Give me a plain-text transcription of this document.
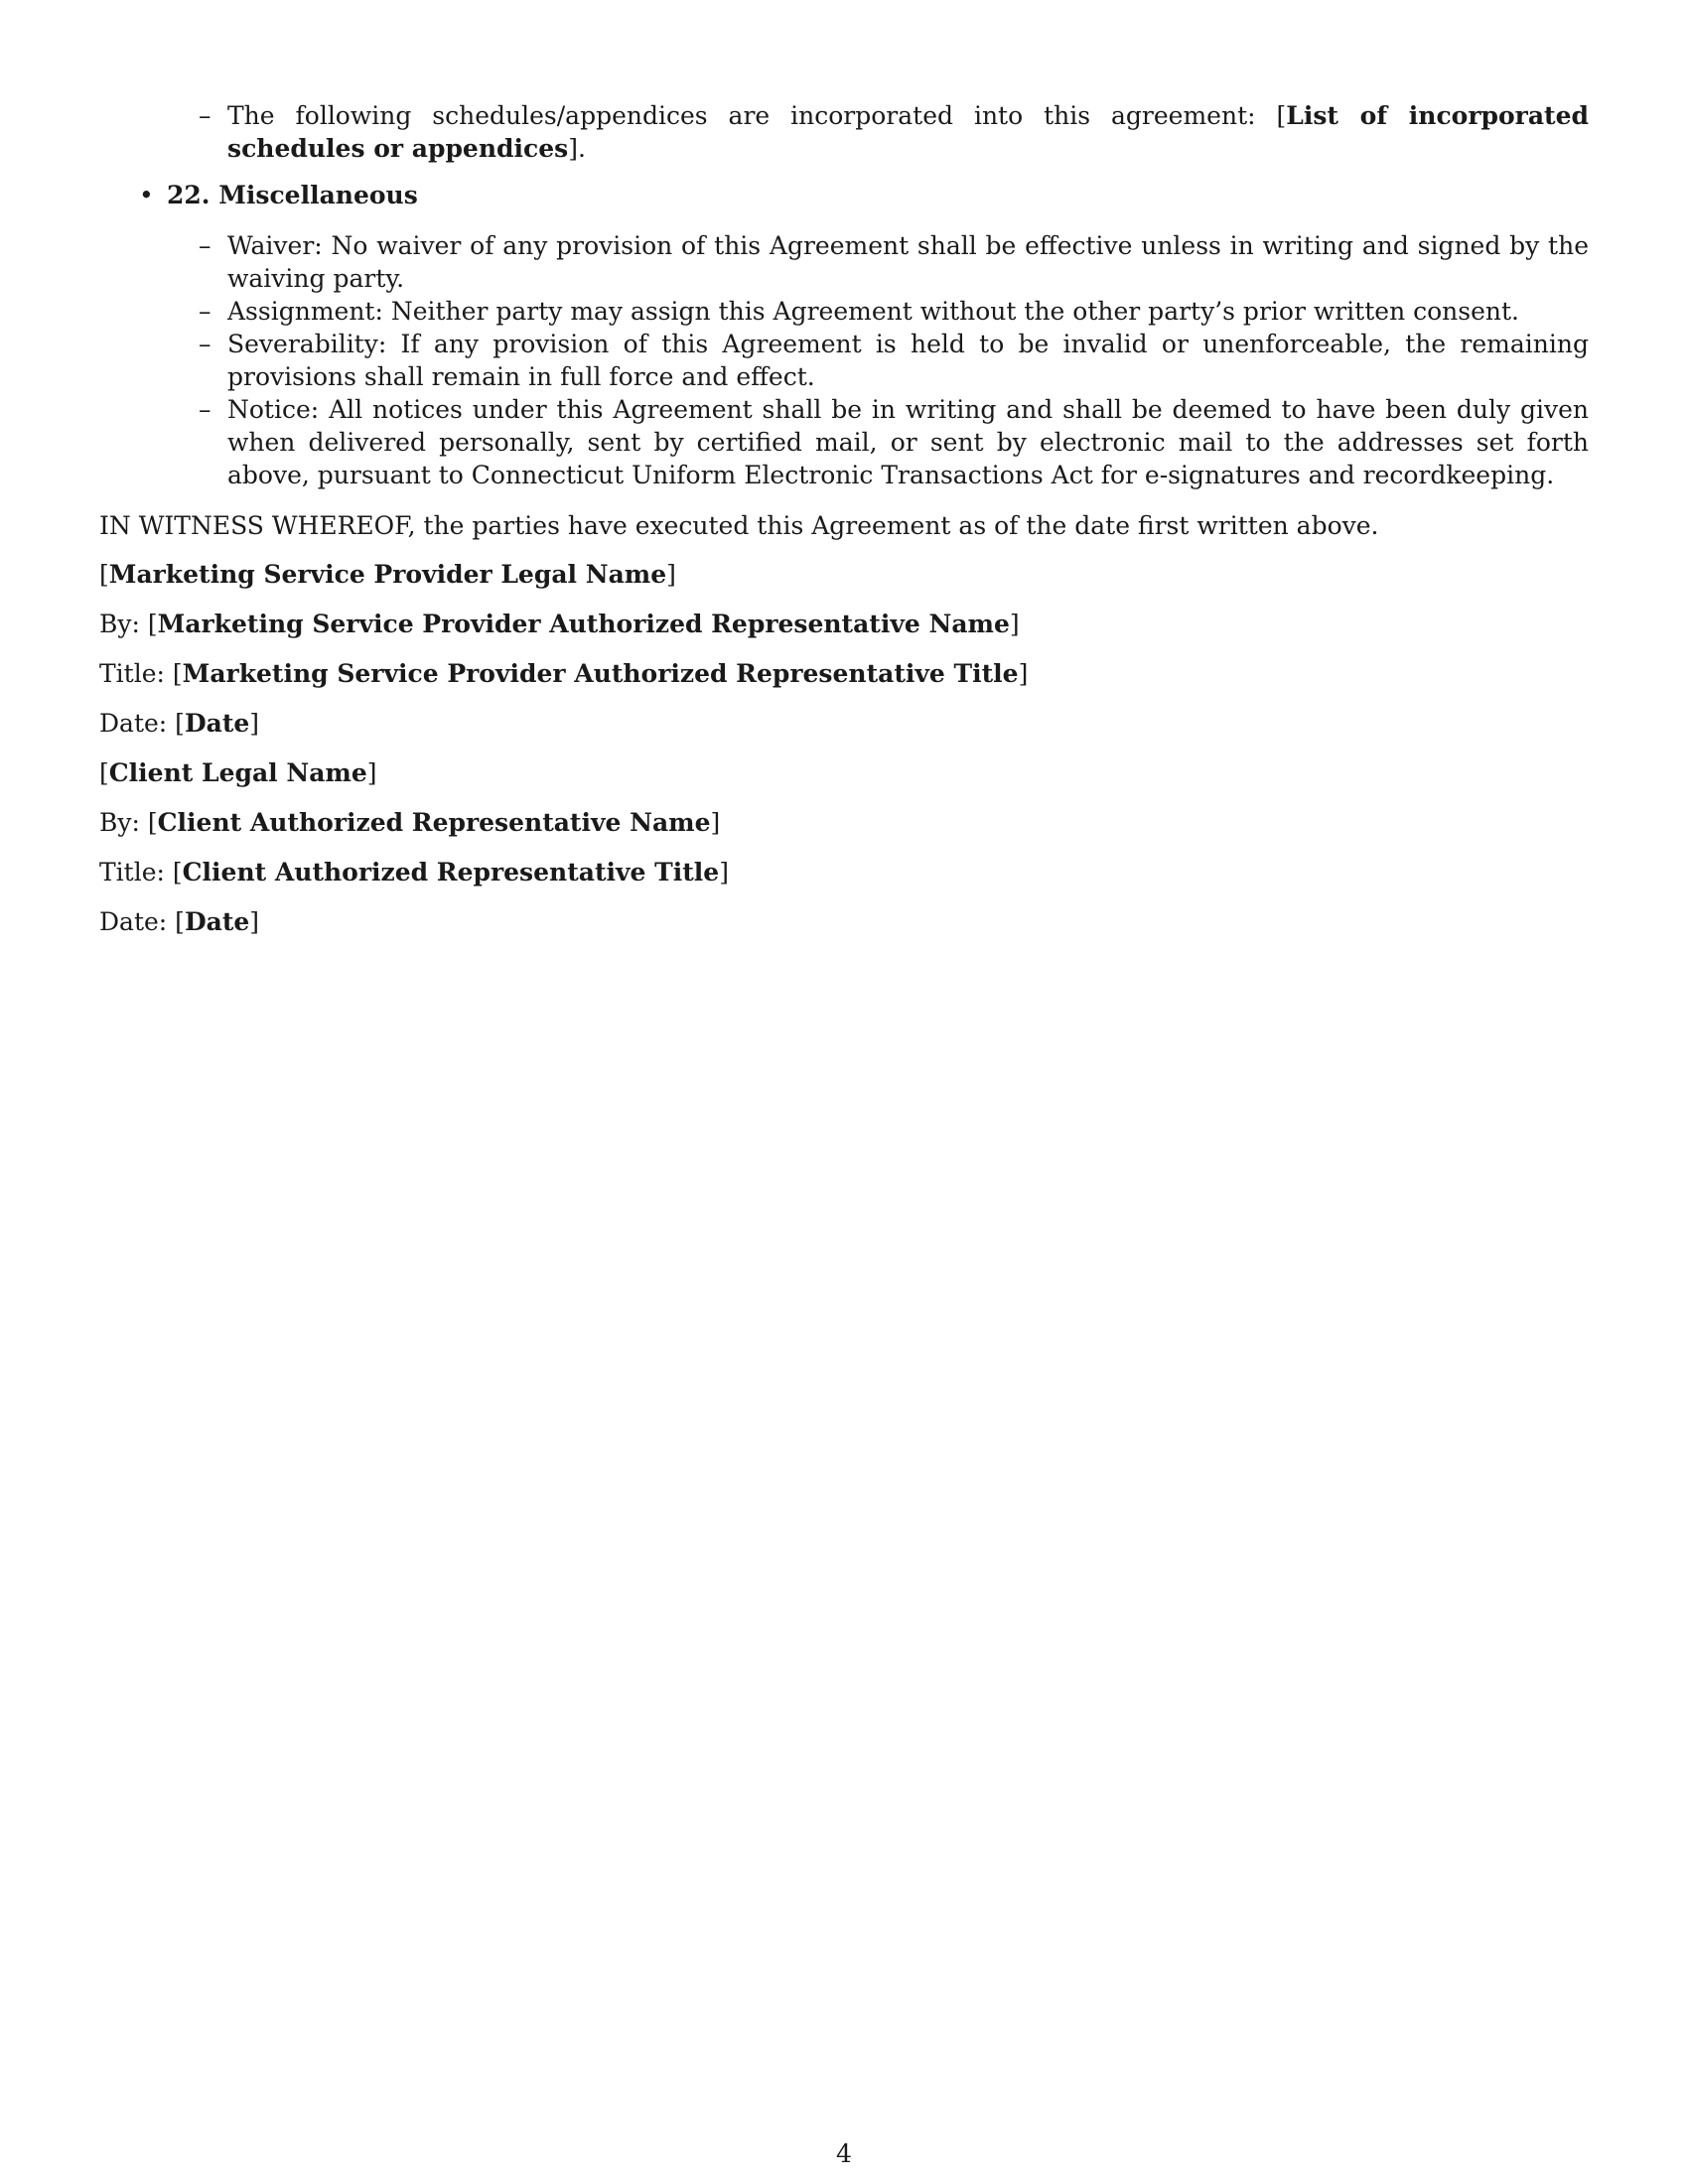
– The following schedules/appendices are incorporated into this agreement: [List of incorporated schedules or appendices].
• 22. Miscellaneous
– Waiver: No waiver of any provision of this Agreement shall be effective unless in writing and signed by the waiving party.
– Assignment: Neither party may assign this Agreement without the other party’s prior written consent.
– Severability: If any provision of this Agreement is held to be invalid or unenforceable, the remaining provisions shall remain in full force and effect.
– Notice: All notices under this Agreement shall be in writing and shall be deemed to have been duly given when delivered personally, sent by certified mail, or sent by electronic mail to the addresses set forth above, pursuant to Connecticut Uniform Electronic Transactions Act for e-signatures and recordkeeping.
IN WITNESS WHEREOF, the parties have executed this Agreement as of the date first written above.
[Marketing Service Provider Legal Name]
By: [Marketing Service Provider Authorized Representative Name]
Title: [Marketing Service Provider Authorized Representative Title]
Date: [Date]
[Client Legal Name]
By: [Client Authorized Representative Name]
Title: [Client Authorized Representative Title]
Date: [Date]
4
